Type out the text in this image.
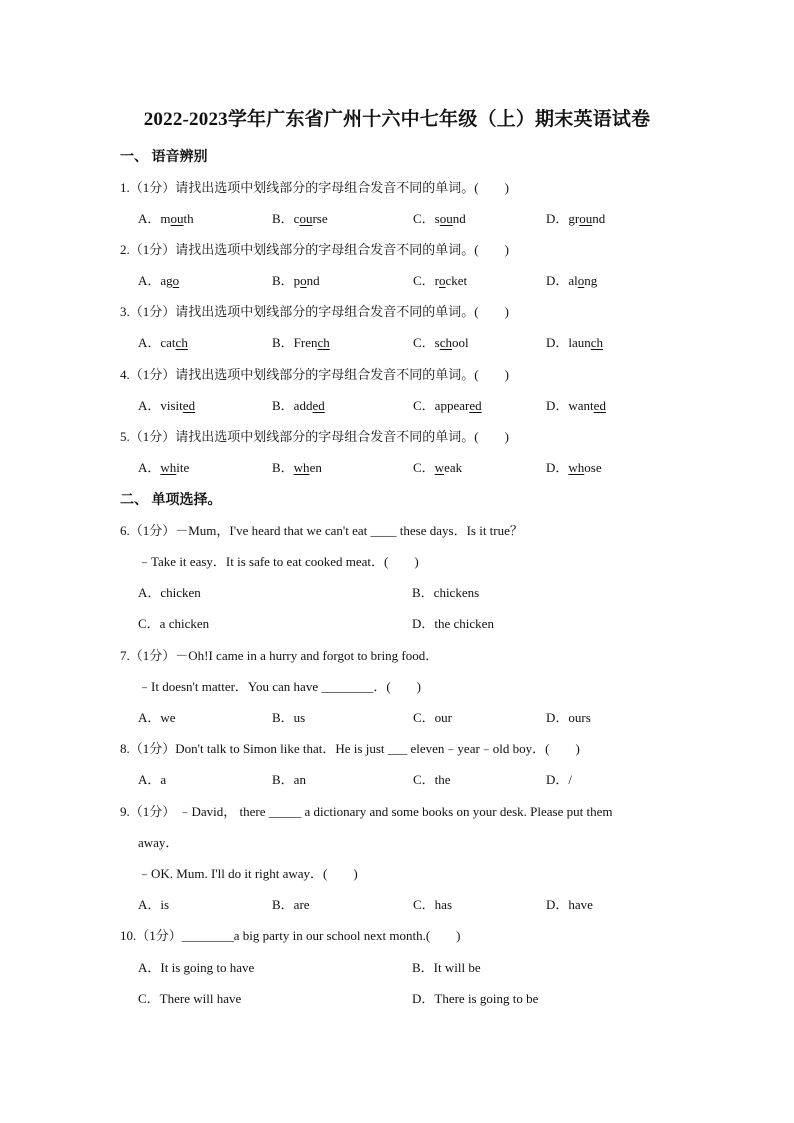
2022-2023学年广东省广州十六中七年级（上）期末英语试卷
一、 语音辨别
1.（1分）请找出选项中划线部分的字母组合发音不同的单词。(　　)
A．mouth	B．course	C．sound	D．ground
2.（1分）请找出选项中划线部分的字母组合发音不同的单词。(　　)
A．ago	B．pond	C．rocket	D．along
3.（1分）请找出选项中划线部分的字母组合发音不同的单词。(　　)
A．catch	B．French	C．school	D．launch
4.（1分）请找出选项中划线部分的字母组合发音不同的单词。(　　)
A．visited	B．added	C．appeared	D．wanted
5.（1分）请找出选项中划线部分的字母组合发音不同的单词。(　　)
A．white	B．when	C．weak	D．whose
二、 单项选择。
6.（1分）－Mum，I've heard that we can't eat ____ these days．Is it true？
﹣Take it easy．It is safe to eat cooked meat．(　　)
A．chicken	B．chickens
C．a chicken	D．the chicken
7.（1分）－Oh!I came in a hurry and forgot to bring food．
﹣It doesn't matter．You can have ________．(　　)
A．we	B．us	C．our	D．ours
8.（1分）Don't talk to Simon like that．He is just ___ eleven﹣year﹣old boy．(　　)
A．a	B．an	C．the	D．/
9.（1分） ﹣David， there _____ a dictionary and some books on your desk. Please put them
away．
﹣OK. Mum. I'll do it right away．(　　)
A．is	B．are	C．has	D．have
10.（1分）________a big party in our school next month.(　　)
A．It is going to have	B．It will be
C．There will have	D．There is going to be
